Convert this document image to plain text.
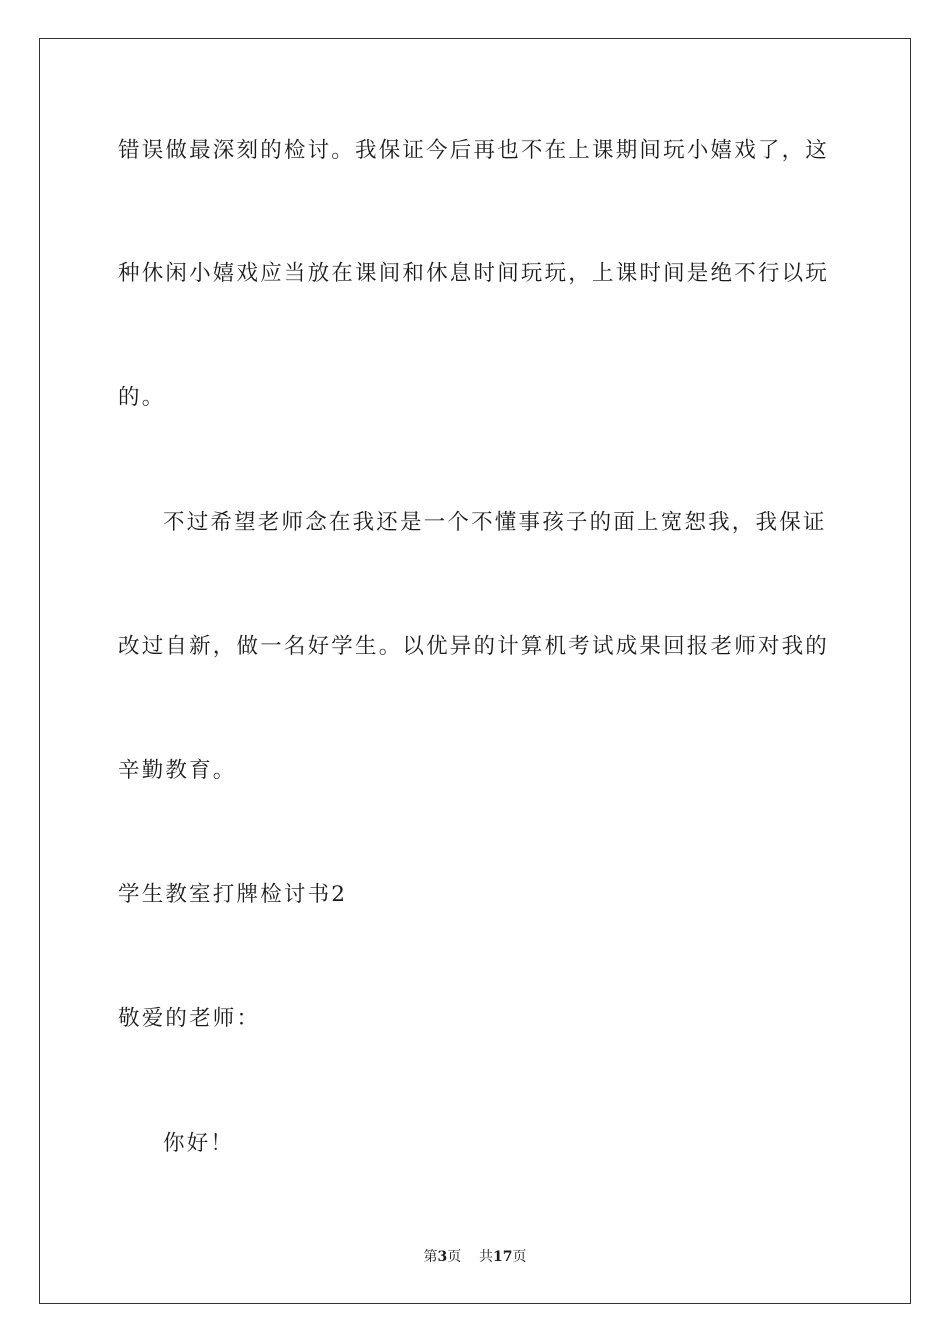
错误做最深刻的检讨。我保证今后再也不在上课期间玩小嬉戏了，这
种休闲小嬉戏应当放在课间和休息时间玩玩，上课时间是绝不行以玩
的。
不过希望老师念在我还是一个不懂事孩子的面上宽恕我，我保证
改过自新，做一名好学生。以优异的计算机考试成果回报老师对我的
辛勤教育。
学生教室打牌检讨书2
敬爱的老师：
你好！
第3页 共17页
